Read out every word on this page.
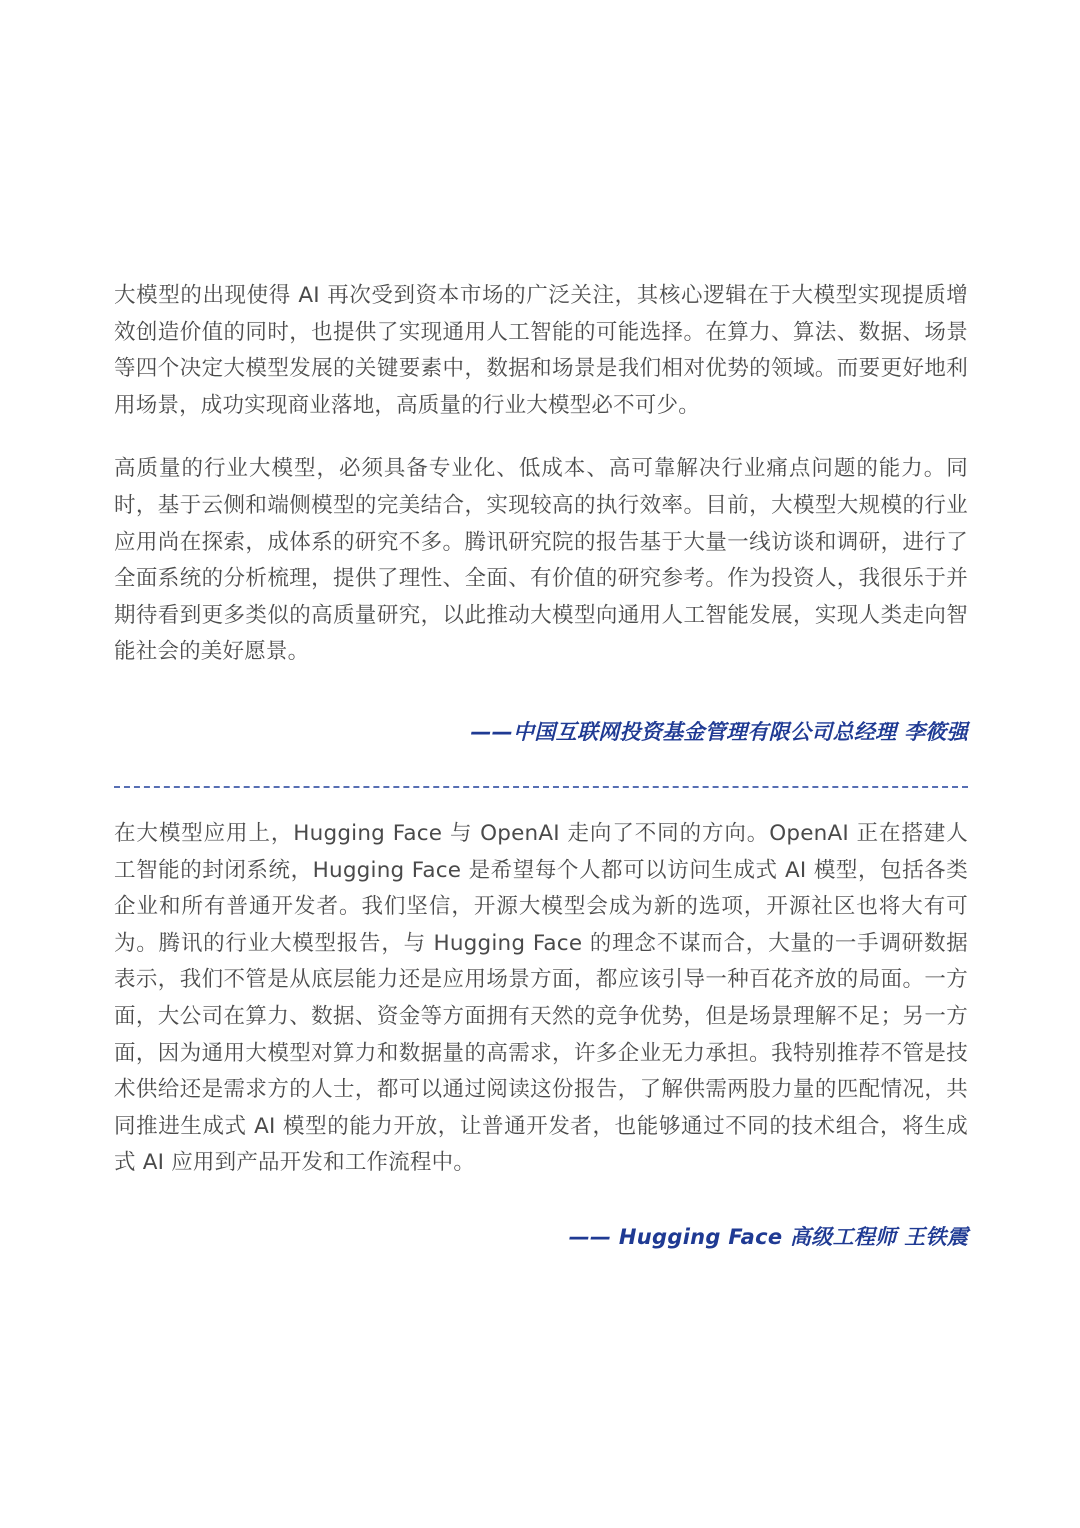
大模型的出现使得 AI 再次受到资本市场的广泛关注，其核心逻辑在于大模型实现提质增效创造价值的同时，也提供了实现通用人工智能的可能选择。在算力、算法、数据、场景等四个决定大模型发展的关键要素中，数据和场景是我们相对优势的领域。而要更好地利用场景，成功实现商业落地，高质量的行业大模型必不可少。

高质量的行业大模型，必须具备专业化、低成本、高可靠解决行业痛点问题的能力。同时，基于云侧和端侧模型的完美结合，实现较高的执行效率。目前，大模型大规模的行业应用尚在探索，成体系的研究不多。腾讯研究院的报告基于大量一线访谈和调研，进行了全面系统的分析梳理，提供了理性、全面、有价值的研究参考。作为投资人，我很乐于并期待看到更多类似的高质量研究，以此推动大模型向通用人工智能发展，实现人类走向智能社会的美好愿景。

——中国互联网投资基金管理有限公司总经理 李筱强

在大模型应用上，Hugging Face 与 OpenAI 走向了不同的方向。OpenAI 正在搭建人工智能的封闭系统，Hugging Face 是希望每个人都可以访问生成式 AI 模型，包括各类企业和所有普通开发者。我们坚信，开源大模型会成为新的选项，开源社区也将大有可为。腾讯的行业大模型报告，与 Hugging Face 的理念不谋而合，大量的一手调研数据表示，我们不管是从底层能力还是应用场景方面，都应该引导一种百花齐放的局面。一方面，大公司在算力、数据、资金等方面拥有天然的竞争优势，但是场景理解不足；另一方面，因为通用大模型对算力和数据量的高需求，许多企业无力承担。我特别推荐不管是技术供给还是需求方的人士，都可以通过阅读这份报告，了解供需两股力量的匹配情况，共同推进生成式 AI 模型的能力开放，让普通开发者，也能够通过不同的技术组合，将生成式 AI 应用到产品开发和工作流程中。

—— Hugging Face 高级工程师 王铁震
